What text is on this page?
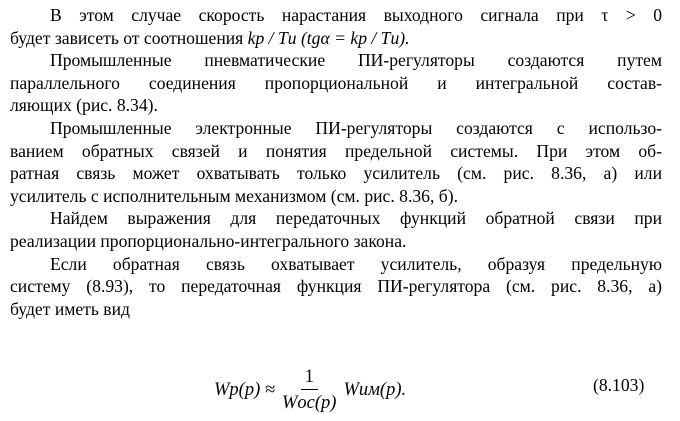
В этом случае скорость нарастания выходного сигнала при τ > 0
будет зависеть от соотношения kр / Tи (tgα = kр / Tи).
Промышленные пневматические ПИ-регуляторы создаются путем
параллельного соединения пропорциональной и интегральной состав-
ляющих (рис. 8.34).
Промышленные электронные ПИ-регуляторы создаются с использо-
ванием обратных связей и понятия предельной системы. При этом об-
ратная связь может охватывать только усилитель (см. рис. 8.36, а) или
усилитель с исполнительным механизмом (см. рис. 8.36, б).
Найдем выражения для передаточных функций обратной связи при
реализации пропорционально-интегрального закона.
Если обратная связь охватывает усилитель, образуя предельную
систему (8.93), то передаточная функция ПИ-регулятора (см. рис. 8.36, а)
будет иметь вид
$Wр(p) \approx \frac{1}{\text{Wос(p)}} Wим(p)$.	(8.103)
